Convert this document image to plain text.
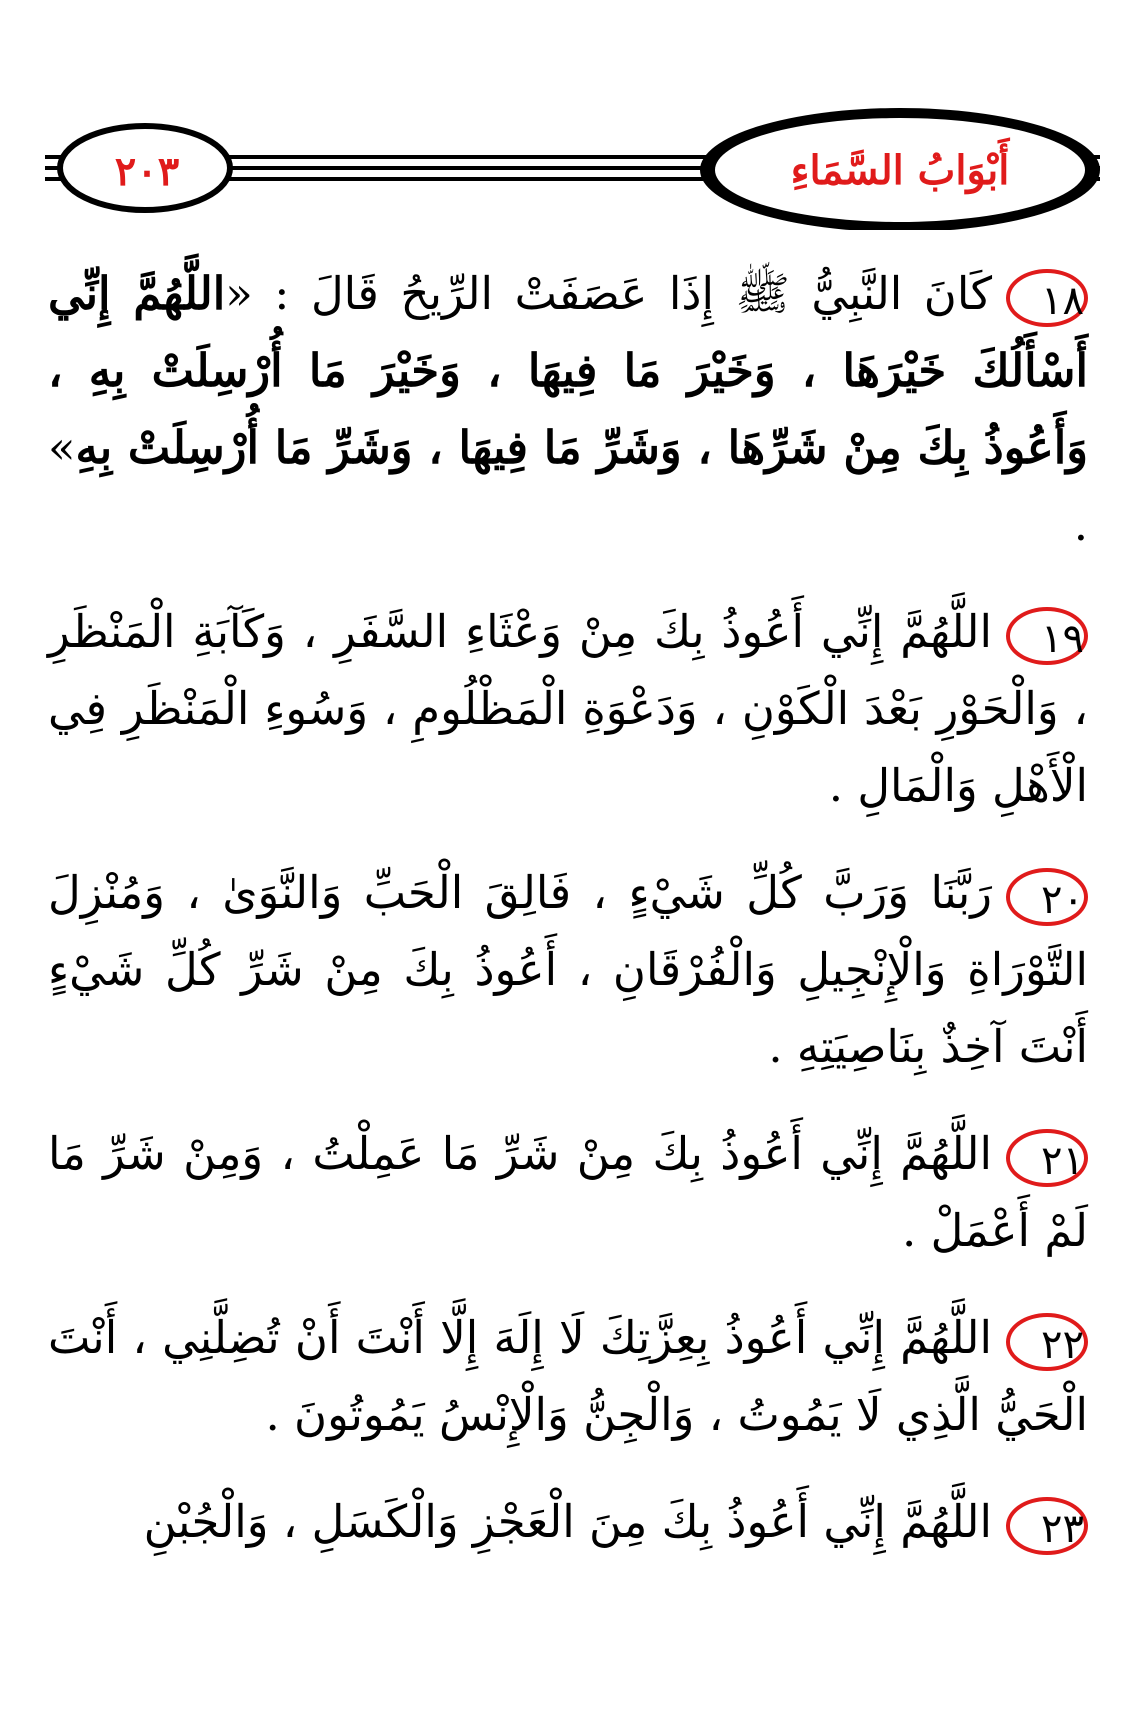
٢٠٣	أَبْوَابُ السَّمَاءِ

١٨كَانَ النَّبِيُّ ﷺ إِذَا عَصَفَتْ الرِّيحُ قَالَ : «اللَّهُمَّ إِنِّي أَسْأَلُكَ خَيْرَهَا ، وَخَيْرَ مَا فِيهَا ، وَخَيْرَ مَا أُرْسِلَتْ بِهِ ، وَأَعُوذُ بِكَ مِنْ شَرِّهَا ، وَشَرِّ مَا فِيهَا ، وَشَرِّ مَا أُرْسِلَتْ بِهِ» .

١٩اللَّهُمَّ إِنِّي أَعُوذُ بِكَ مِنْ وَعْثَاءِ السَّفَرِ ، وَكَآبَةِ الْمَنْظَرِ ، وَالْحَوْرِ بَعْدَ الْكَوْنِ ، وَدَعْوَةِ الْمَظْلُومِ ، وَسُوءِ الْمَنْظَرِ فِي الْأَهْلِ وَالْمَالِ .

٢٠رَبَّنَا وَرَبَّ كُلِّ شَيْءٍ ، فَالِقَ الْحَبِّ وَالنَّوَىٰ ، وَمُنْزِلَ التَّوْرَاةِ وَالْإِنْجِيلِ وَالْفُرْقَانِ ، أَعُوذُ بِكَ مِنْ شَرِّ كُلِّ شَيْءٍ أَنْتَ آخِذٌ بِنَاصِيَتِهِ .

٢١اللَّهُمَّ إِنِّي أَعُوذُ بِكَ مِنْ شَرِّ مَا عَمِلْتُ ، وَمِنْ شَرِّ مَا لَمْ أَعْمَلْ .

٢٢اللَّهُمَّ إِنِّي أَعُوذُ بِعِزَّتِكَ لَا إِلَهَ إِلَّا أَنْتَ أَنْ تُضِلَّنِي ، أَنْتَ الْحَيُّ الَّذِي لَا يَمُوتُ ، وَالْجِنُّ وَالْإِنْسُ يَمُوتُونَ .

٢٣اللَّهُمَّ إِنِّي أَعُوذُ بِكَ مِنَ الْعَجْزِ وَالْكَسَلِ ، وَالْجُبْنِ
